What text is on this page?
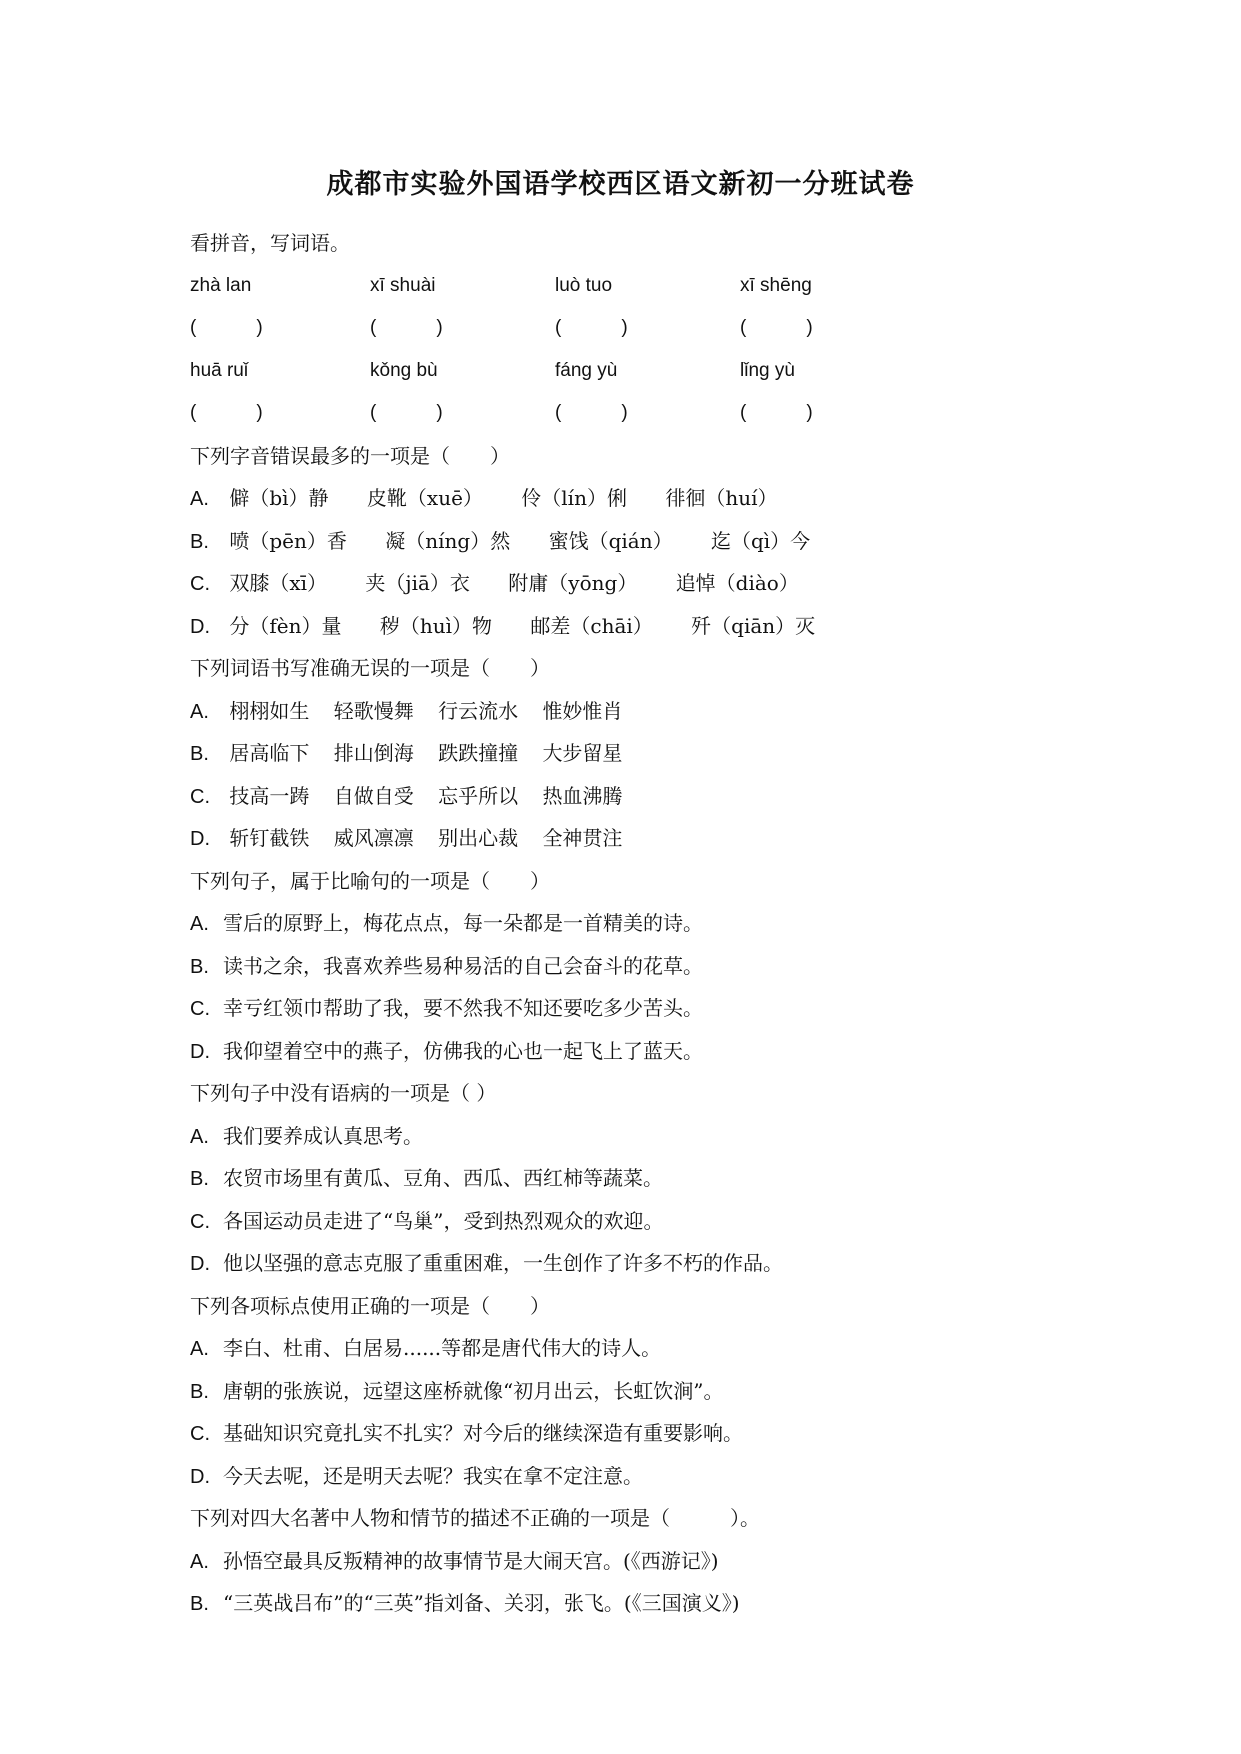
成都市实验外国语学校西区语文新初一分班试卷
看拼音，写词语。
zhà lan	xī shuài	luò tuo	xī shēng
(	)	(	)	(	)	(	)
huā ruǐ	kǒng bù	fáng yù	lǐng yù
(	)	(	)	(	)	(	)
下列字音错误最多的一项是（　　）
A. 僻（bì）静 皮靴（xuē） 伶（lín）俐 徘徊（huí）
B. 喷（pēn）香 凝（níng）然 蜜饯（qián） 迄（qì）今
C. 双膝（xī） 夹（jiā）衣 附庸（yōng） 追悼（diào）
D. 分（fèn）量 秽（huì）物 邮差（chāi） 歼（qiān）灭
下列词语书写准确无误的一项是（　　）
A. 栩栩如生 轻歌慢舞 行云流水 惟妙惟肖
B. 居高临下 排山倒海 跌跌撞撞 大步留星
C. 技高一踌 自做自受 忘乎所以 热血沸腾
D. 斩钉截铁 威风凛凛 别出心裁 全神贯注
下列句子，属于比喻句的一项是（　　）
A. 雪后的原野上，梅花点点，每一朵都是一首精美的诗。
B. 读书之余，我喜欢养些易种易活的自己会奋斗的花草。
C. 幸亏红领巾帮助了我，要不然我不知还要吃多少苦头。
D. 我仰望着空中的燕子，仿佛我的心也一起飞上了蓝天。
下列句子中没有语病的一项是（ ）
A. 我们要养成认真思考。
B. 农贸市场里有黄瓜、豆角、西瓜、西红柿等蔬菜。
C. 各国运动员走进了“鸟巢”，受到热烈观众的欢迎。
D. 他以坚强的意志克服了重重困难，一生创作了许多不朽的作品。
下列各项标点使用正确的一项是（　　）
A. 李白、杜甫、白居易......等都是唐代伟大的诗人。
B. 唐朝的张族说，远望这座桥就像“初月出云，长虹饮涧”。
C. 基础知识究竟扎实不扎实？对今后的继续深造有重要影响。
D. 今天去呢，还是明天去呢？我实在拿不定注意。
下列对四大名著中人物和情节的描述不正确的一项是（　　　）。
A. 孙悟空最具反叛精神的故事情节是大闹天宫。(《西游记》)
B. “三英战吕布”的“三英”指刘备、关羽，张飞。(《三国演义》)
